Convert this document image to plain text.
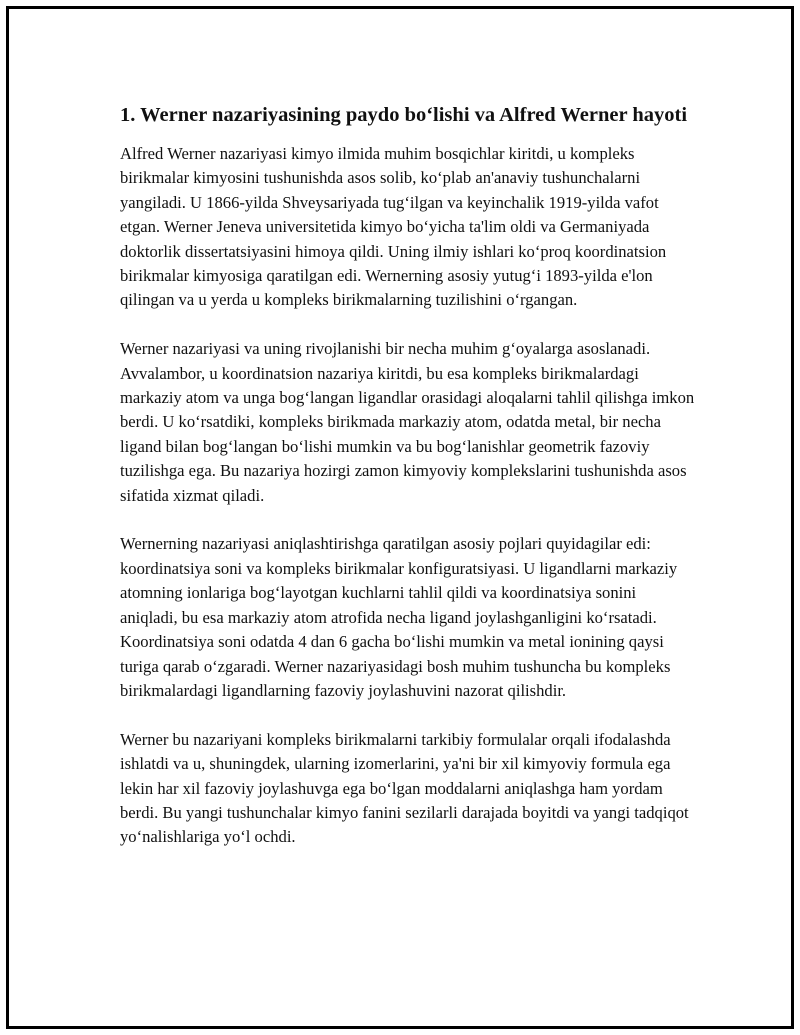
1. Werner nazariyasining paydo bo‘lishi va Alfred Werner hayoti

Alfred Werner nazariyasi kimyo ilmida muhim bosqichlar kiritdi, u kompleks birikmalar kimyosini tushunishda asos solib, ko‘plab an'anaviy tushunchalarni yangiladi. U 1866-yilda Shveysariyada tug‘ilgan va keyinchalik 1919-yilda vafot etgan. Werner Jeneva universitetida kimyo bo‘yicha ta'lim oldi va Germaniyada doktorlik dissertatsiyasini himoya qildi. Uning ilmiy ishlari ko‘proq koordinatsion birikmalar kimyosiga qaratilgan edi. Wernerning asosiy yutug‘i 1893-yilda e'lon qilingan va u yerda u kompleks birikmalarning tuzilishini o‘rgangan.

Werner nazariyasi va uning rivojlanishi bir necha muhim g‘oyalarga asoslanadi. Avvalambor, u koordinatsion nazariya kiritdi, bu esa kompleks birikmalardagi markaziy atom va unga bog‘langan ligandlar orasidagi aloqalarni tahlil qilishga imkon berdi. U ko‘rsatdiki, kompleks birikmada markaziy atom, odatda metal, bir necha ligand bilan bog‘langan bo‘lishi mumkin va bu bog‘lanishlar geometrik fazoviy tuzilishga ega. Bu nazariya hozirgi zamon kimyoviy komplekslarini tushunishda asos sifatida xizmat qiladi.

Wernerning nazariyasi aniqlashtirishga qaratilgan asosiy pojlari quyidagilar edi: koordinatsiya soni va kompleks birikmalar konfiguratsiyasi. U ligandlarni markaziy atomning ionlariga bog‘layotgan kuchlarni tahlil qildi va koordinatsiya sonini aniqladi, bu esa markaziy atom atrofida necha ligand joylashganligini ko‘rsatadi. Koordinatsiya soni odatda 4 dan 6 gacha bo‘lishi mumkin va metal ionining qaysi turiga qarab o‘zgaradi. Werner nazariyasidagi bosh muhim tushuncha bu kompleks birikmalardagi ligandlarning fazoviy joylashuvini nazorat qilishdir.

Werner bu nazariyani kompleks birikmalarni tarkibiy formulalar orqali ifodalashda ishlatdi va u, shuningdek, ularning izomerlarini, ya'ni bir xil kimyoviy formula ega lekin har xil fazoviy joylashuvga ega bo‘lgan moddalarni aniqlashga ham yordam berdi. Bu yangi tushunchalar kimyo fanini sezilarli darajada boyitdi va yangi tadqiqot yo‘nalishlariga yo‘l ochdi.
